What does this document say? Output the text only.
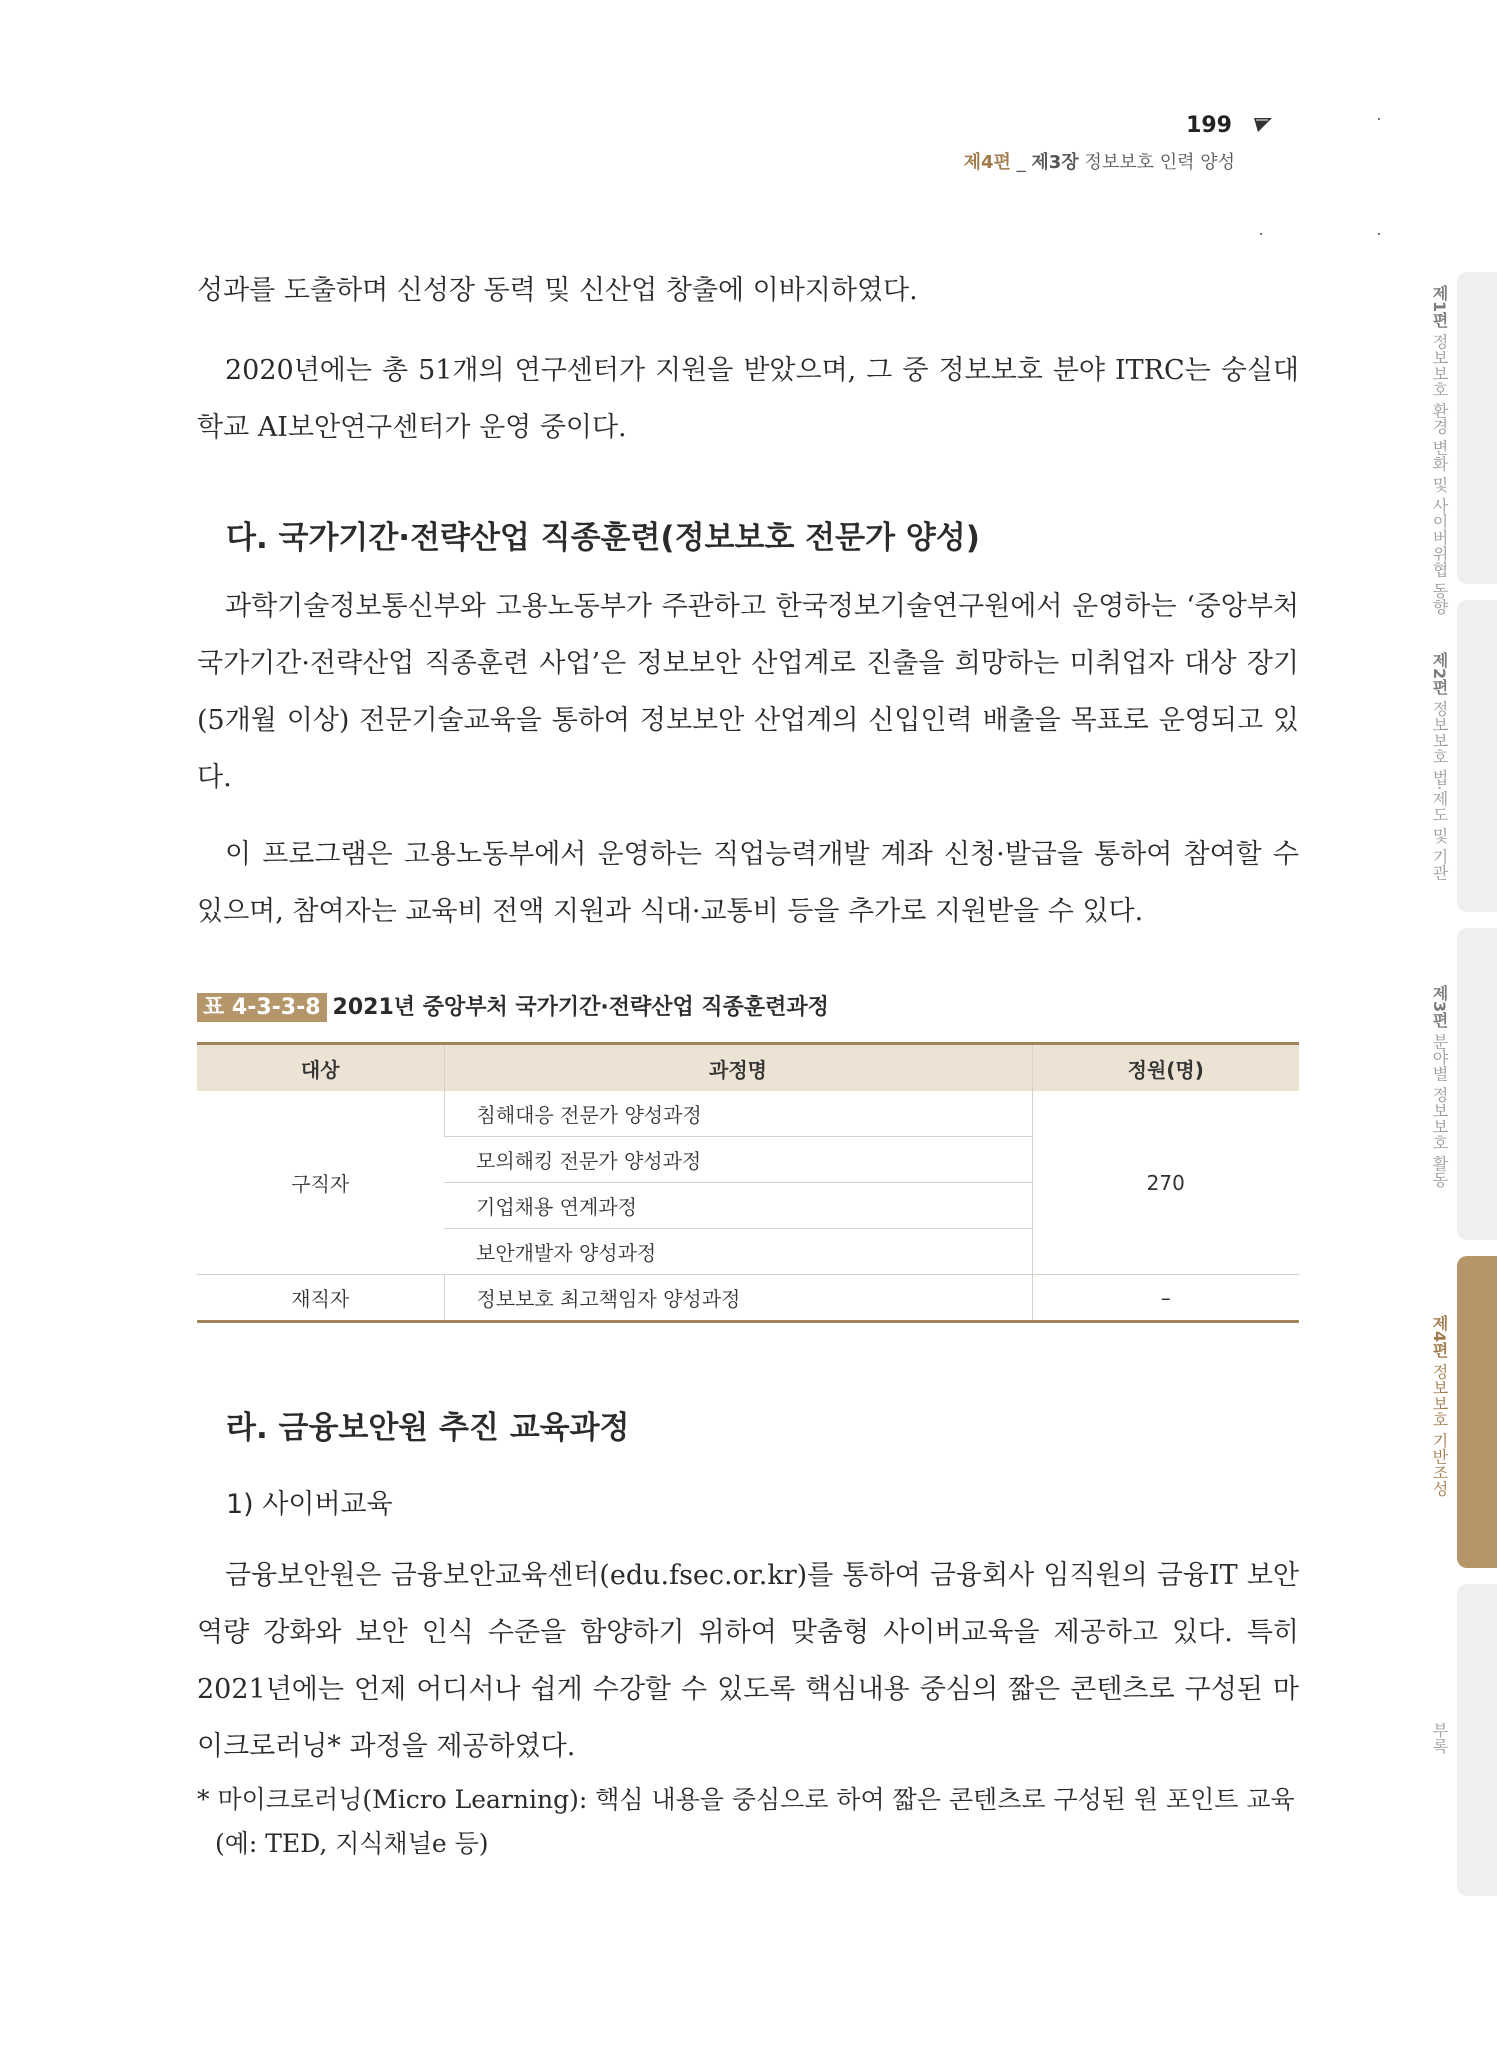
199
제4편 _ 제3장 정보보호 인력 양성

성과를 도출하며 신성장 동력 및 신산업 창출에 이바지하였다.

2020년에는 총 51개의 연구센터가 지원을 받았으며, 그 중 정보보호 분야 ITRC는 숭실대학교 AI보안연구센터가 운영 중이다.

다. 국가기간·전략산업 직종훈련(정보보호 전문가 양성)

과학기술정보통신부와 고용노동부가 주관하고 한국정보기술연구원에서 운영하는 ‘중앙부처 국가기간·전략산업 직종훈련 사업’은 정보보안 산업계로 진출을 희망하는 미취업자 대상 장기(5개월 이상) 전문기술교육을 통하여 정보보안 산업계의 신입인력 배출을 목표로 운영되고 있다.

이 프로그램은 고용노동부에서 운영하는 직업능력개발 계좌 신청·발급을 통하여 참여할 수 있으며, 참여자는 교육비 전액 지원과 식대·교통비 등을 추가로 지원받을 수 있다.

표 4-3-3-8 2021년 중앙부처 국가기간·전략산업 직종훈련과정
대상	과정명	정원(명)
구직자	침해대응 전문가 양성과정	270
	모의해킹 전문가 양성과정	
	기업채용 연계과정	
	보안개발자 양성과정	
재직자	정보보호 최고책임자 양성과정	–
라. 금융보안원 추진 교육과정
1) 사이버교육

금융보안원은 금융보안교육센터(edu.fsec.or.kr)를 통하여 금융회사 임직원의 금융IT 보안역량 강화와 보안 인식 수준을 함양하기 위하여 맞춤형 사이버교육을 제공하고 있다. 특히 2021년에는 언제 어디서나 쉽게 수강할 수 있도록 핵심내용 중심의 짧은 콘텐츠로 구성된 마이크로러닝* 과정을 제공하였다.

* 마이크로러닝(Micro Learning): 핵심 내용을 중심으로 하여 짧은 콘텐츠로 구성된 원 포인트 교육
(예: TED, 지식채널e 등)

제1편 정보보호 환경 변화 및 사이버위협 동향
제2편 정보보호 법·제도 및 기관
제3편 분야별 정보보호 활동
제4편 정보보호 기반조성
부록
